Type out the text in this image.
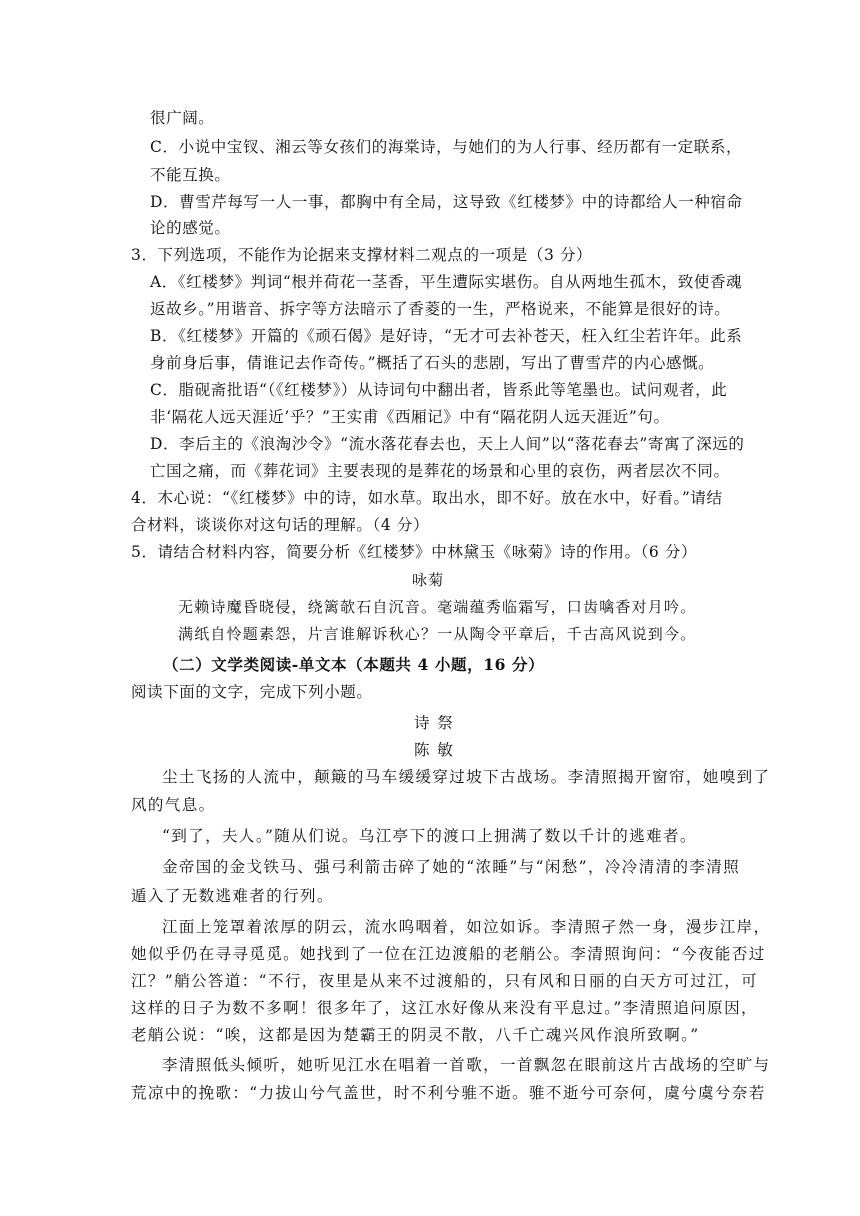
很广阔。
C．小说中宝钗、湘云等女孩们的海棠诗，与她们的为人行事、经历都有一定联系，
不能互换。
D．曹雪芹每写一人一事，都胸中有全局，这导致《红楼梦》中的诗都给人一种宿命
论的感觉。
3．下列选项，不能作为论据来支撑材料二观点的一项是（3 分）
A．《红楼梦》判词“根并荷花一茎香，平生遭际实堪伤。自从两地生孤木，致使香魂
返故乡。”用谐音、拆字等方法暗示了香菱的一生，严格说来，不能算是很好的诗。
B．《红楼梦》开篇的《顽石偈》是好诗，“无才可去补苍天，枉入红尘若许年。此系
身前身后事，倩谁记去作奇传。”概括了石头的悲剧，写出了曹雪芹的内心感慨。
C．脂砚斋批语“（《红楼梦》）从诗词句中翻出者，皆系此等笔墨也。试问观者，此
非‘隔花人远天涯近’乎？”王实甫《西厢记》中有“隔花阴人远天涯近”句。
D．李后主的《浪淘沙令》“流水落花春去也，天上人间”以“落花春去”寄寓了深远的
亡国之痛，而《葬花词》主要表现的是葬花的场景和心里的哀伤，两者层次不同。
4．木心说：“《红楼梦》中的诗，如水草。取出水，即不好。放在水中，好看。”请结
合材料，谈谈你对这句话的理解。（4 分）
5．请结合材料内容，简要分析《红楼梦》中林黛玉《咏菊》诗的作用。（6 分）
咏菊
无赖诗魔昏晓侵，绕篱欹石自沉音。毫端蕴秀临霜写，口齿噙香对月吟。
满纸自怜题素怨，片言谁解诉秋心？一从陶令平章后，千古高风说到今。
（二）文学类阅读-单文本（本题共 4 小题，16 分）
阅读下面的文字，完成下列小题。
诗 祭
陈 敏
尘土飞扬的人流中，颠簸的马车缓缓穿过坡下古战场。李清照揭开窗帘，她嗅到了
风的气息。
“到了，夫人。”随从们说。乌江亭下的渡口上拥满了数以千计的逃难者。
金帝国的金戈铁马、强弓利箭击碎了她的“浓睡”与“闲愁”，冷冷清清的李清照
遁入了无数逃难者的行列。
江面上笼罩着浓厚的阴云，流水呜咽着，如泣如诉。李清照孑然一身，漫步江岸，
她似乎仍在寻寻觅觅。她找到了一位在江边渡船的老艄公。李清照询问：“今夜能否过
江？”艄公答道：“不行，夜里是从来不过渡船的，只有风和日丽的白天方可过江，可
这样的日子为数不多啊！很多年了，这江水好像从来没有平息过。”李清照追问原因，
老艄公说：“唉，这都是因为楚霸王的阴灵不散，八千亡魂兴风作浪所致啊。”
李清照低头倾听，她听见江水在唱着一首歌，一首飘忽在眼前这片古战场的空旷与
荒凉中的挽歌：“力拔山兮气盖世，时不利兮骓不逝。骓不逝兮可奈何，虞兮虞兮奈若
